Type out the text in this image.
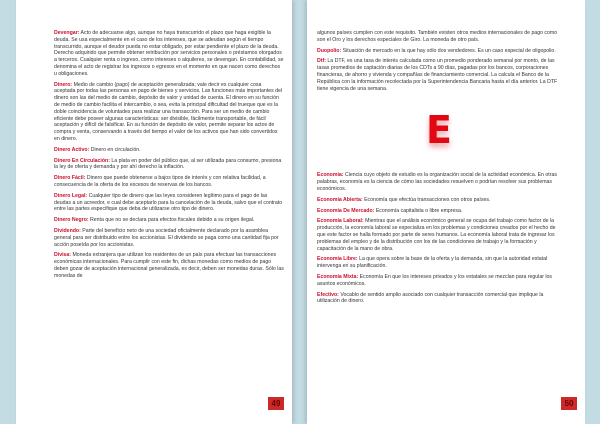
Devengar: Acto de adecuarse algo, aunque no haya transcurrido el plazo que haga exigible la deuda. Se usa especialmente en el caso de los intereses, que se adeudan según el tiempo transcurrido, aunque el deudor pueda no estar obligado, por estar pendiente el plazo de la deuda. Derecho adquirido que permite obtener retribución por servicios personales o préstamos otorgados a terceros. Cualquier renta o ingreso, como intereses o alquileres, se devengan. En contabilidad, se denomina el acto de registrar los ingresos o egresos en el momento en que nacen como derechos u obligaciones.

Dinero: Medio de cambio (pago) de aceptación generalizada; vale decir es cualquier cosa aceptada por todas las personas en pago de bienes y servicios. Las funciones más importantes del dinero son las del medio de cambio, depósito de valor y unidad de cuenta. El dinero en su función de medio de cambio facilita el intercambio, o sea, evita la principal dificultad del trueque que es la doble coincidencia de voluntades para realizar una transacción. Para ser un medio de cambio eficiente debe poseer algunas características: ser divisible, fácilmente transportable, de fácil aceptación y difícil de falsificar. En su función de depósito de valor, permite separar los actos de compra y venta, conservando a través del tiempo el valor de los activos que han sido convertidos en dinero.

Dinero Activo: Dinero en circulación.

Dinero En Circulación: La plata en poder del público que, al ser utilizada para consumo, presiona la ley de oferta y demanda y por ahí derecho la inflación.

Dinero Fácil: Dinero que puede obtenerse a bajos tipos de interés y con relativa facilidad, a consecuencia de la oferta de los excesos de reservas de los bancos.

Dinero Legal: Cualquier tipo de dinero que las leyes consideren legítimo para el pago de las deudas a un acreedor, e cual debe aceptarlo para la cancelación de la deuda, salvo que el contrato entre las partes especifique que deba de utilizarse otro tipo de dinero.

Dinero Negro: Renta que no se declara para efectos fiscales debido a su origen ilegal.

Dividendo: Parte del beneficio neto de una sociedad oficialmente declarado por la asamblea general para ser distribuido entre los accionistas. El dividendo se paga como una cantidad fija por acción poseída por los accionistas.

Divisa: Moneda extranjera que utilizan los residentes de un país para efectuar las transacciones económicas internacionales. Para cumplir con este fin, dichas monedas como medios de pago deben gozar de aceptación internacional generalizada, es decir, deben ser monedas duras. Sólo las monedas de

49

algunos países cumplen con este requisito. También existen otros medios internacionales de pago como son el Oro y los derechos especiales de Giro. La moneda de otro país.

Duopolio: Situación de mercado en la que hay sólo dos vendedores. Es un caso especial de oligopolio.

Dtf: La DTF, es una tasa de interés calculada como un promedio ponderado semanal por monto, de las tasas promedios de captación diarias de los CDTs a 90 días, pagadas por los bancos, corporaciones financieras, de ahorro y vivienda y compañías de financiamiento comercial. La calcula el Banco de la República con la información recolectada por la Superintendencia Bancaria hasta el día anterior. La DTF tiene vigencia de una semana.

E

Economía: Ciencia cuyo objeto de estudio es la organización social de la actividad económica. En otras palabras, economía es la ciencia de cómo las sociedades resuelven o podrían resolver sus problemas económicos.

Economía Abierta: Economía que efectúa transacciones con otros países.

Economía De Mercado: Economía capitalista o libre empresa.

Economía Laboral: Mientras que el análisis económico general se ocupa del trabajo como factor de la producción, la economía laboral se especializa en los problemas y condiciones creados por el hecho de que este factor se halla formado por parte de seres humanos. La economía laboral trata de ingresar los problemas del empleo y de la distribución con los de las condiciones de trabajo y la formación y capacitación de la mano de obra.

Economía Libre: La que opera sobre la base de la oferta y la demanda, sin que la autoridad estatal intervenga en su planificación.

Economía Mixta: Economía En que los intereses privados y los estatales se mezclan para regular los asuntos económicos.

Efectivo: Vocablo de sentido amplio asociado con cualquier transacción comercial que implique la utilización de dinero.

50
